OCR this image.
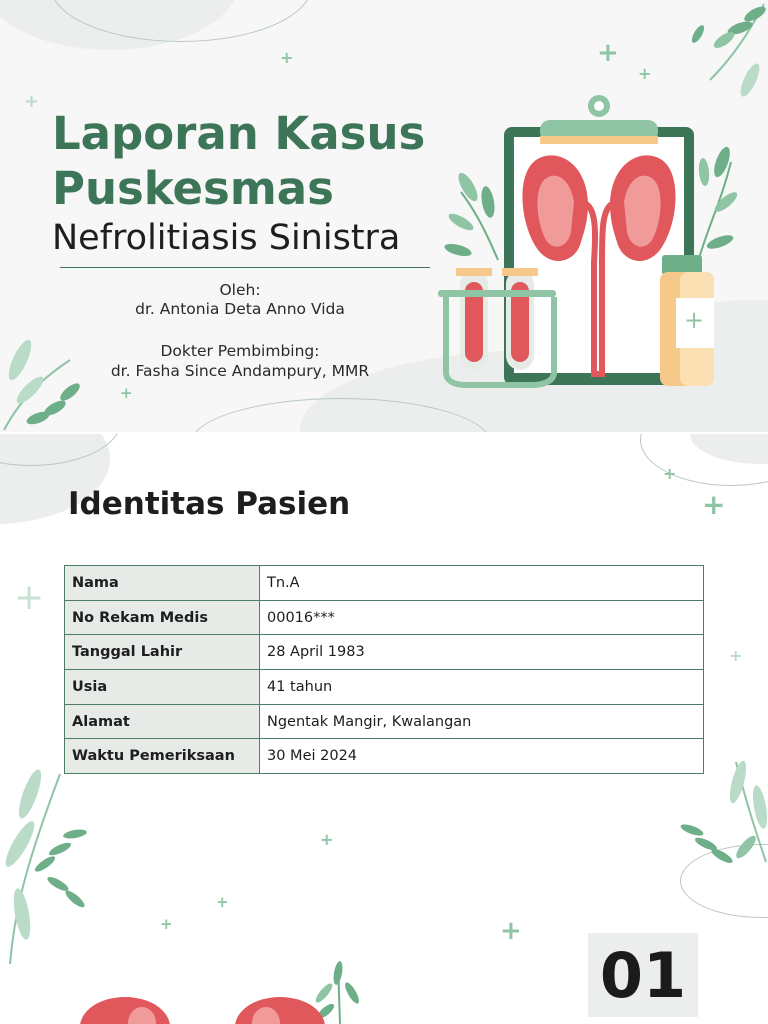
+
+
+
+
+
Laporan Kasus Puskesmas
Nefrolitiasis Sinistra
Oleh:
dr. Antonia Deta Anno Vida
Dokter Pembimbing:
dr. Fasha Since Andampury, MMR
+
+
+
+
+
+
+
+	+
Identitas Pasien
Nama	Tn.A
No Rekam Medis	00016***
Tanggal Lahir	28 April 1983
Usia	41 tahun
Alamat	Ngentak Mangir, Kwalangan
Waktu Pemeriksaan	30 Mei 2024
01
